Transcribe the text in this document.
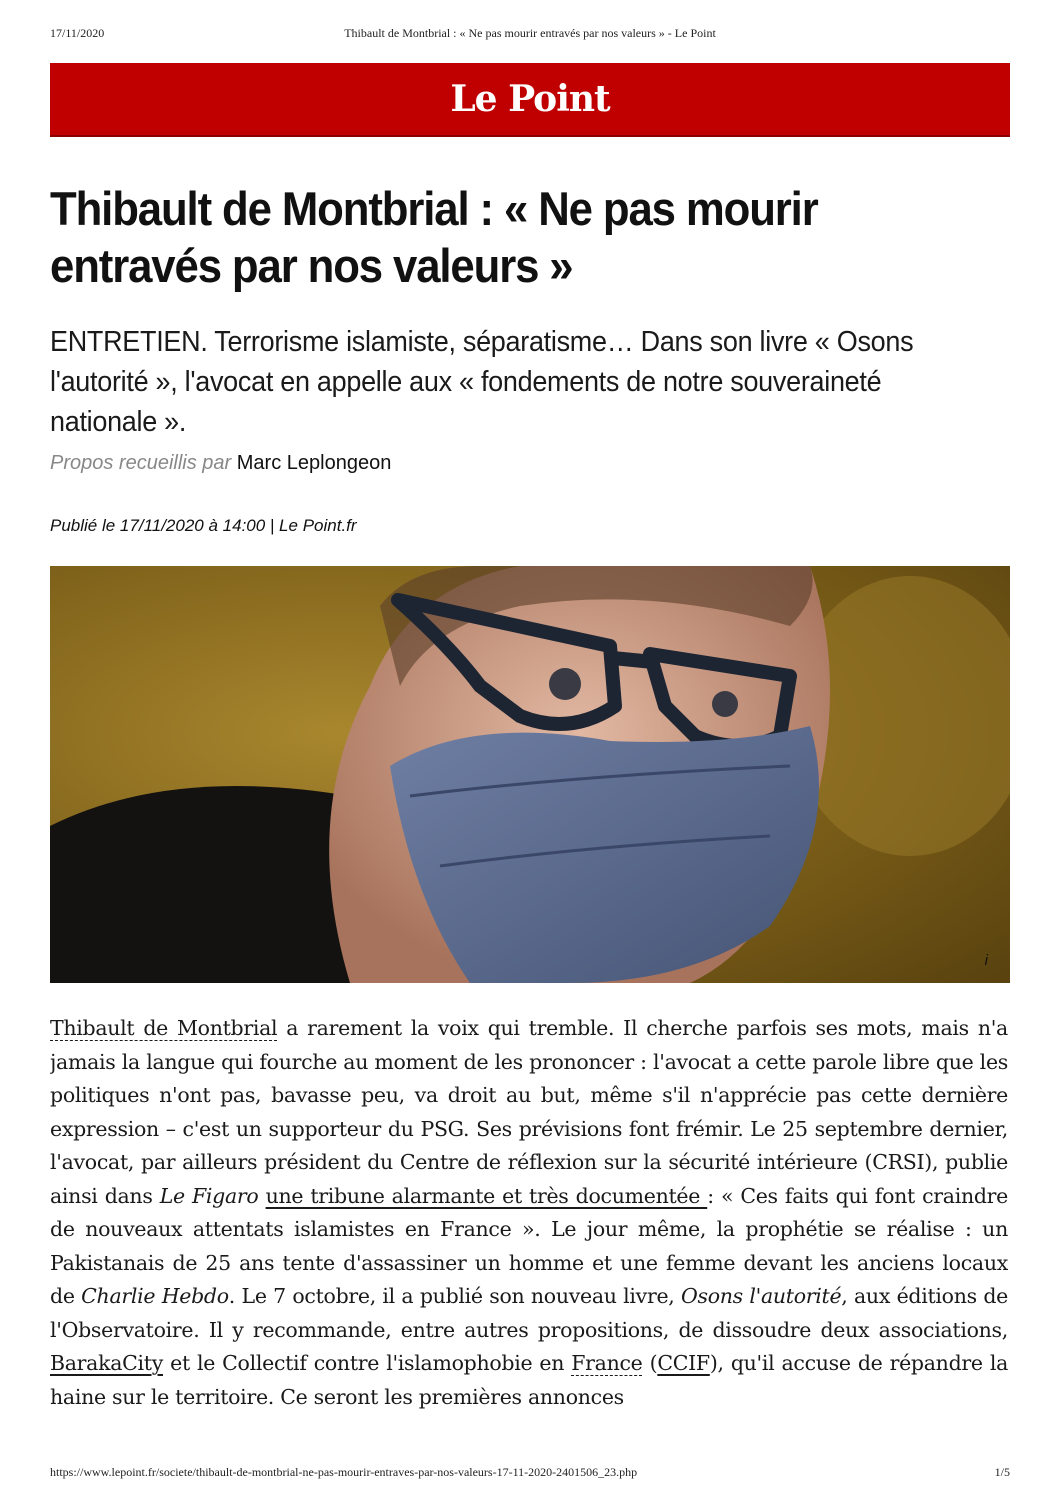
17/11/2020	Thibault de Montbrial : « Ne pas mourir entravés par nos valeurs » - Le Point
Le Point
Thibault de Montbrial : « Ne pas mourir entravés par nos valeurs »

ENTRETIEN. Terrorisme islamiste, séparatisme… Dans son livre « Osons l'autorité », l'avocat en appelle aux « fondements de notre souveraineté nationale ».

Propos recueillis par Marc Leplongeon
Publié le 17/11/2020 à 14:00 | Le Point.fr
i

Thibault de Montbrial a rarement la voix qui tremble. Il cherche parfois ses mots, mais n'a jamais la langue qui fourche au moment de les prononcer : l'avocat a cette parole libre que les politiques n'ont pas, bavasse peu, va droit au but, même s'il n'apprécie pas cette dernière expression – c'est un supporteur du PSG. Ses prévisions font frémir. Le 25 septembre dernier, l'avocat, par ailleurs président du Centre de réflexion sur la sécurité intérieure (CRSI), publie ainsi dans Le Figaro une tribune alarmante et très documentée : « Ces faits qui font craindre de nouveaux attentats islamistes en France ». Le jour même, la prophétie se réalise : un Pakistanais de 25 ans tente d'assassiner un homme et une femme devant les anciens locaux de Charlie Hebdo. Le 7 octobre, il a publié son nouveau livre, Osons l'autorité, aux éditions de l'Observatoire. Il y recommande, entre autres propositions, de dissoudre deux associations, BarakaCity et le Collectif contre l'islamophobie en France (CCIF), qu'il accuse de répandre la haine sur le territoire. Ce seront les premières annonces

https://www.lepoint.fr/societe/thibault-de-montbrial-ne-pas-mourir-entraves-par-nos-valeurs-17-11-2020-2401506_23.php	1/5
